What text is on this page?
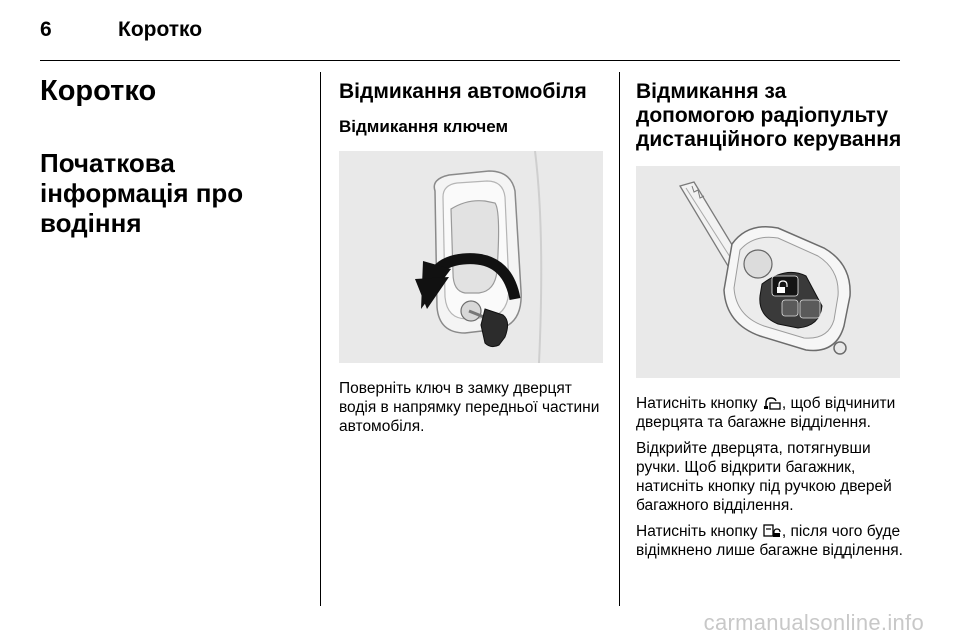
6	Коротко
Коротко
Початкова інформація про водіння
Відмикання автомобіля
Відмикання ключем

Поверніть ключ в замку дверцят водія в напрямку передньої частини автомобіля.

Відмикання за допомогою радіопульту дистанційного керування

Натисніть кнопку , щоб відчинити дверцята та багажне відділення.

Відкрийте дверцята, потягнувши ручки. Щоб відкрити багажник, натисніть кнопку під ручкою дверей багажного відділення.

Натисніть кнопку , після чого буде відімкнено лише багажне відділення.

carmanualsonline.info
